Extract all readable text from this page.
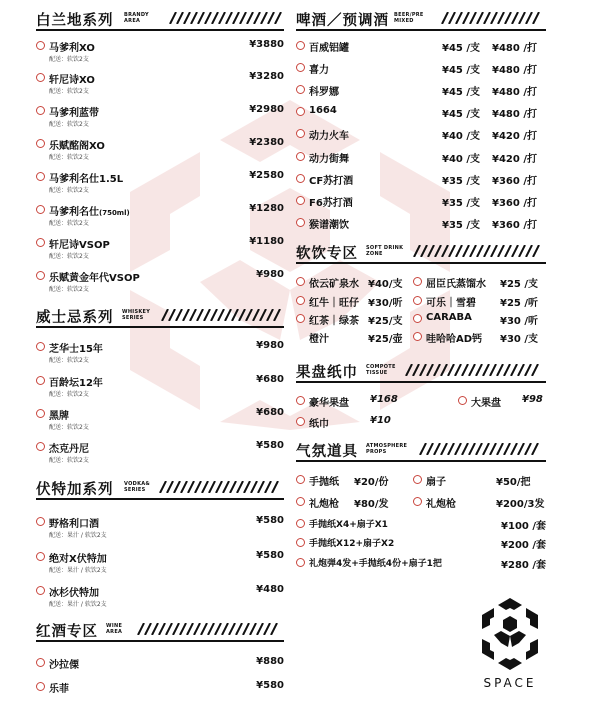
白兰地系列 BRANDY
AREA
马爹利XO	¥3880
配送：软饮2支
轩尼诗XO	¥3280
配送：软饮2支
马爹利蓝带	¥2980
配送：软饮2支
乐赋酩阁XO	¥2380
配送：软饮2支
马爹利名仕1.5L	¥2580
配送：软饮2支
马爹利名仕(750ml)	¥1280
配送：软饮2支
轩尼诗VSOP	¥1180
配送：软饮2支
乐赋黄金年代VSOP	¥980
配送：软饮2支
威士忌系列 WHISKEY
SERIES
芝华士15年	¥980
配送：软饮2支
百龄坛12年	¥680
配送：软饮2支
黑牌	¥680
配送：软饮2支
杰克丹尼	¥580
配送：软饮2支
伏特加系列 VODKA&
SERIES
野格利口酒	¥580
配送：果汁 / 软饮2支
绝对X伏特加	¥580
配送：果汁 / 软饮2支
冰杉伏特加	¥480
配送：果汁 / 软饮2支
红酒专区 WINE
AREA
沙拉傈	¥880
乐菲	¥580
啤酒／预调酒 BEER/PRE
MIXED
百威铝罐	¥45 /支 ¥480 /打
喜力	¥45 /支 ¥480 /打
科罗娜	¥45 /支 ¥480 /打
1664	¥45 /支 ¥480 /打
动力火车	¥40 /支 ¥420 /打
动力街舞	¥40 /支 ¥420 /打
CF苏打酒	¥35 /支 ¥360 /打
F6苏打酒	¥35 /支 ¥360 /打
猴谱潮饮	¥35 /支 ¥360 /打
软饮专区 SOFT DRINK
ZONE
依云矿泉水 ¥40/支 屈臣氏蒸馏水 ¥25 /支
红牛｜旺仔 ¥30/听 可乐｜雪碧 ¥25 /听
红茶｜绿茶 ¥25/支 CARABA	¥30 /听
橙汁	¥25/壶 哇哈哈AD钙 ¥30 /支
果盘纸巾 COMPOTE
TISSUE
豪华果盘 ¥168	大果盘 ¥98
纸巾	¥10
气氛道具 ATMOSPHERE
PROPS
手抛纸 ¥20/份	扇子	¥50/把
礼炮枪 ¥80/发	礼炮枪	¥200/3发
手抛纸X4+扇子X1	¥100 /套
手抛纸X12+扇子X2	¥200 /套
礼炮弹4发+手抛纸4份+扇子1把	¥280 /套
SPACE
